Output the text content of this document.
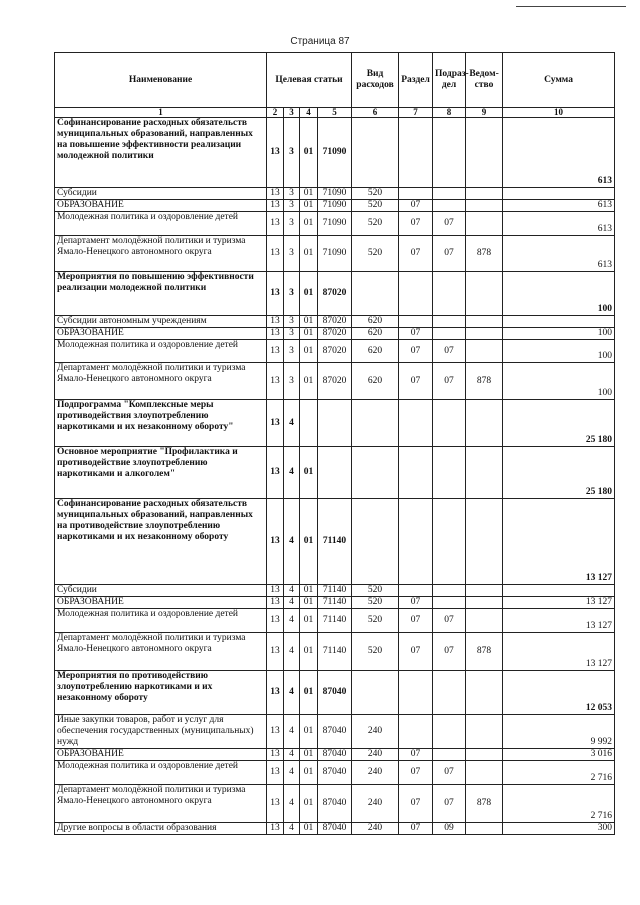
Страница 87
Наименование	Целевая статьи				Вид расходов	Раздел	Подраз-дел	Ведом-ство	Сумма
1	2	3	4	5	6	7	8	9	10
Софинансирование расходных обязательств муниципальных образований, направленных на повышение эффективности реализации молодежной политики	13	3	01	71090					613
Субсидии	13	3	01	71090	520				
ОБРАЗОВАНИЕ	13	3	01	71090	520	07			613
Молодежная политика и оздоровление детей	13	3	01	71090	520	07	07		613
Департамент молодёжной политики и туризма Ямало-Ненецкого автономного округа	13	3	01	71090	520	07	07	878	613
Мероприятия по повышению эффективности реализации молодежной политики	13	3	01	87020					100
Субсидии автономным учреждениям	13	3	01	87020	620				
ОБРАЗОВАНИЕ	13	3	01	87020	620	07			100
Молодежная политика и оздоровление детей	13	3	01	87020	620	07	07		100
Департамент молодёжной политики и туризма Ямало-Ненецкого автономного округа	13	3	01	87020	620	07	07	878	100
Подпрограмма "Комплексные меры противодействия злоупотреблению наркотиками и их незаконному обороту"	13	4							25 180
Основное мероприятие "Профилактика и противодействие злоупотреблению наркотиками и алкоголем"	13	4	01						25 180
Софинансирование расходных обязательств муниципальных образований, направленных на противодействие злоупотреблению наркотиками и их незаконному обороту	13	4	01	71140					13 127
Субсидии	13	4	01	71140	520				
ОБРАЗОВАНИЕ	13	4	01	71140	520	07			13 127
Молодежная политика и оздоровление детей	13	4	01	71140	520	07	07		13 127
Департамент молодёжной политики и туризма Ямало-Ненецкого автономного округа	13	4	01	71140	520	07	07	878	13 127
Мероприятия по противодействию злоупотреблению наркотиками и их незаконному обороту	13	4	01	87040					12 053
Иные закупки товаров, работ и услуг для обеспечения государственных (муниципальных) нужд	13	4	01	87040	240				9 992
ОБРАЗОВАНИЕ	13	4	01	87040	240	07			3 016
Молодежная политика и оздоровление детей	13	4	01	87040	240	07	07		2 716
Департамент молодёжной политики и туризма Ямало-Ненецкого автономного округа	13	4	01	87040	240	07	07	878	2 716
Другие вопросы в области образования	13	4	01	87040	240	07	09		300
